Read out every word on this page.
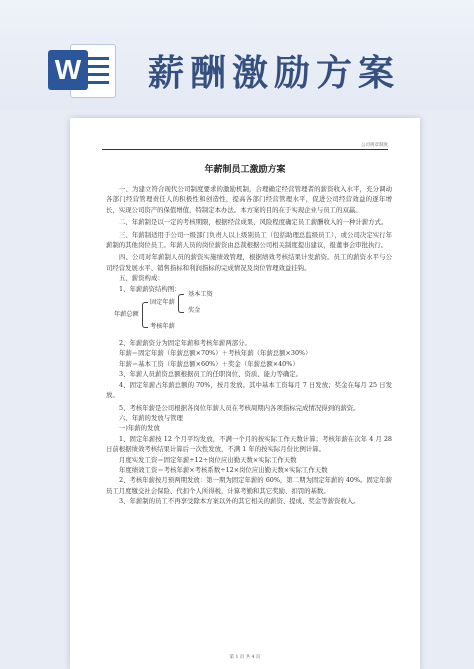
W 薪酬激励方案
公司规章制度
年薪制员工激励方案

一、为建立符合现代公司制度要求的激励机制，合理确定经营管理者的薪资收入水平，充分调动各部门经营管理责任人的积极性和创造性，提高各部门经营管理水平，促进公司经营效益的逐年增长，实现公司资产的保值增值，特制定本办法。本方案的目的在于实现企业与员工的双赢。

二、年薪制是以一定的考核期限，根据经营成果、风险程度确定员工薪酬收入的一种计薪方式。

三、年薪制适用于公司一级部门负责人以上级别员工（包括助理总监级员工），或公司决定实行年薪制的其他岗位员工。年薪人员的岗位薪资由总裁根据公司相关制度提出建议，报董事会审批执行。

四、公司对年薪制人员的薪资实施绩效管理，根据绩效考核结果计发薪资。员工的薪资水平与公司经营发展水平、销售指标和利润指标的完成情况及岗位管理效益挂钩。

五、薪资构成：

1、年薪薪资结构图：

年薪总额
固定年薪
考核年薪
基本工资
奖金

2、年薪薪资分为固定年薪和考核年薪两部分。

年薪＝固定年薪（年薪总额×70%）＋考核年薪（年薪总额×30%）

年薪＝基本工资（年薪总额×60%）＋奖金（年薪总额×40%）

3、年薪人员薪资总额根据员工的任职岗位、资质、能力等确定。

4、固定年薪占年薪总额的 70%，按月发放。其中基本工资每月 7 日发放；奖金在每月 25 日发放。

5、考核年薪是公司根据各岗位年薪人员在考核周期内各项指标完成情况得到的薪资。

六、年薪的发放与管理

一)年薪的发放

1、固定年薪按 12 个月平均发放，不满一个月的按实际工作天数计算；考核年薪在次年 4 月 28 日前根据绩效考核结果计算后一次性发放，不满 1 年的按实际月份比例计算。

月度实发工资＝固定年薪÷12÷岗位应出勤天数×实际工作天数

年度绩效工资＝考核年薪×考核系数÷12×岗位应出勤天数×实际工作天数

2、考核年薪按月预两期发放：第一期为固定年薪的 60%，第二期为固定年薪的 40%。固定年薪员工月度缴交社会保险、代扣个人所得税，计算考勤和其它奖励、扣罚的基数。

3、年薪制的员工不再享受除本方案以外的其它相关的薪资、提成、奖金等薪资收入。

第 1 页 共 4 页
